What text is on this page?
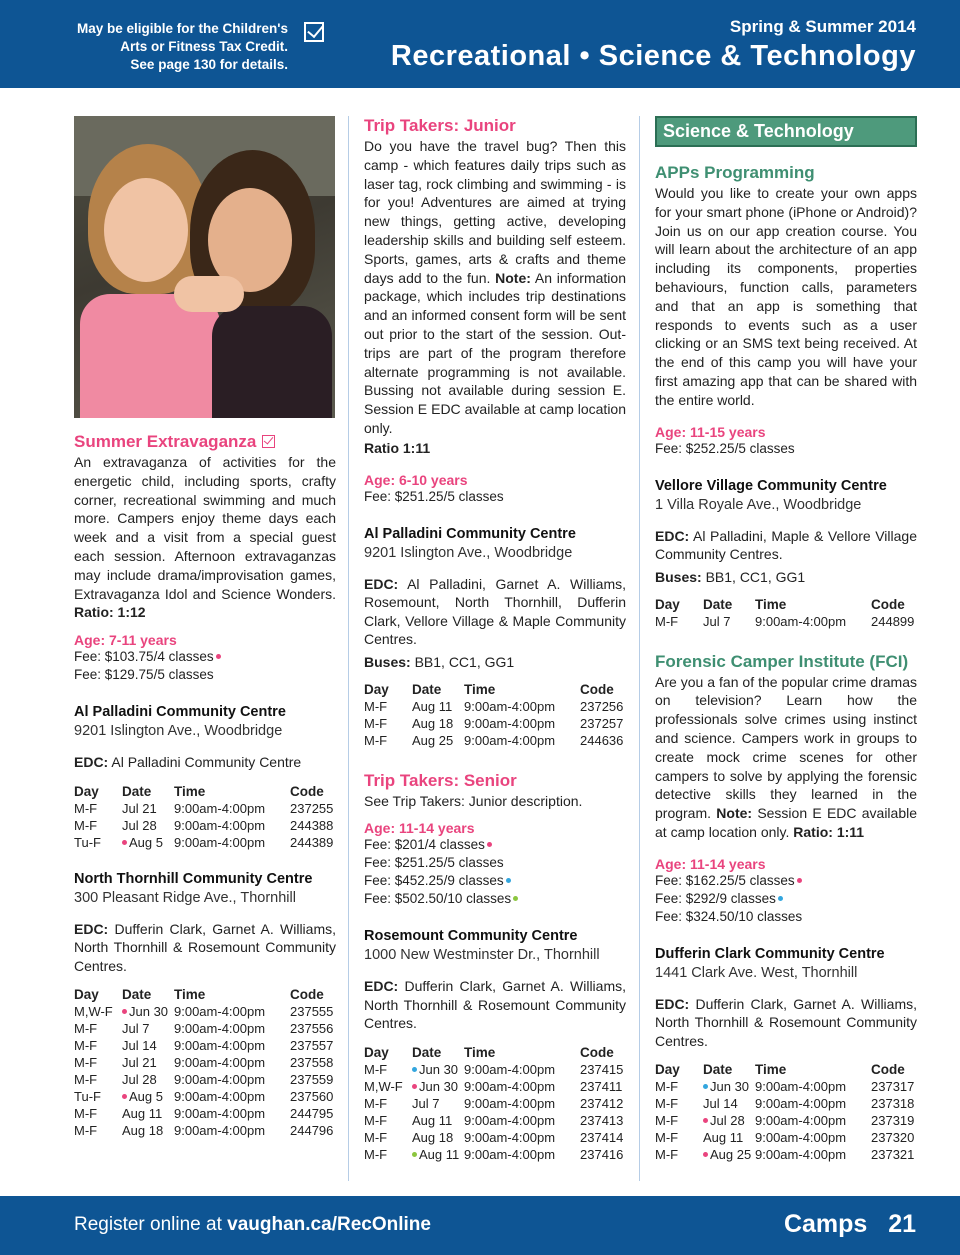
May be eligible for the Children's
Arts or Fitness Tax Credit.
See page 130 for details.
Spring & Summer 2014
Recreational • Science & Technology
Summer Extravaganza
An extravaganza of activities for the energetic child, including sports, crafty corner, recreational swimming and much more. Campers enjoy theme days each week and a visit from a special guest each session. Afternoon extravaganzas may include drama/improvisation games, Extravaganza Idol and Science Wonders. Ratio: 1:12
Age: 7-11 years
Fee: $103.75/4 classes
Fee: $129.75/5 classes
Al Palladini Community Centre
9201 Islington Ave., Woodbridge
EDC: Al Palladini Community Centre
Day	Date	Time	Code
M-F	Jul 21	9:00am-4:00pm	237255
M-F	Jul 28	9:00am-4:00pm	244388
Tu-F	Aug 5	9:00am-4:00pm	244389
North Thornhill Community Centre
300 Pleasant Ridge Ave., Thornhill
EDC: Dufferin Clark, Garnet A. Williams, North Thornhill & Rosemount Community Centres.
Day	Date	Time	Code
M,W-F	Jun 30	9:00am-4:00pm	237555
M-F	Jul 7	9:00am-4:00pm	237556
M-F	Jul 14	9:00am-4:00pm	237557
M-F	Jul 21	9:00am-4:00pm	237558
M-F	Jul 28	9:00am-4:00pm	237559
Tu-F	Aug 5	9:00am-4:00pm	237560
M-F	Aug 11	9:00am-4:00pm	244795
M-F	Aug 18	9:00am-4:00pm	244796
Trip Takers: Junior
Do you have the travel bug? Then this camp - which features daily trips such as laser tag, rock climbing and swimming - is for you! Adventures are aimed at trying new things, getting active, developing leadership skills and building self esteem. Sports, games, arts & crafts and theme days add to the fun. Note: An information package, which includes trip destinations and an informed consent form will be sent out prior to the start of the session. Out-trips are part of the program therefore alternate programming is not available. Bussing not available during session E. Session E EDC available at camp location only.
Ratio 1:11
Age: 6-10 years
Fee: $251.25/5 classes
Al Palladini Community Centre
9201 Islington Ave., Woodbridge
EDC: Al Palladini, Garnet A. Williams, Rosemount, North Thornhill, Dufferin Clark, Vellore Village & Maple Community Centres.
Buses: BB1, CC1, GG1
Day	Date	Time	Code
M-F	Aug 11	9:00am-4:00pm	237256
M-F	Aug 18	9:00am-4:00pm	237257
M-F	Aug 25	9:00am-4:00pm	244636
Trip Takers: Senior
See Trip Takers: Junior description.
Age: 11-14 years
Fee: $201/4 classes
Fee: $251.25/5 classes
Fee: $452.25/9 classes
Fee: $502.50/10 classes
Rosemount Community Centre
1000 New Westminster Dr., Thornhill
EDC: Dufferin Clark, Garnet A. Williams, North Thornhill & Rosemount Community Centres.
Day	Date	Time	Code
M-F	Jun 30	9:00am-4:00pm	237415
M,W-F	Jun 30	9:00am-4:00pm	237411
M-F	Jul 7	9:00am-4:00pm	237412
M-F	Aug 11	9:00am-4:00pm	237413
M-F	Aug 18	9:00am-4:00pm	237414
M-F	Aug 11	9:00am-4:00pm	237416
Science & Technology
APPs Programming
Would you like to create your own apps for your smart phone (iPhone or Android)? Join us on our app creation course. You will learn about the architecture of an app including its components, properties behaviours, function calls, parameters and that an app is something that responds to events such as a user clicking or an SMS text being received. At the end of this camp you will have your first amazing app that can be shared with the entire world.
Age: 11-15 years
Fee: $252.25/5 classes
Vellore Village Community Centre
1 Villa Royale Ave., Woodbridge
EDC: Al Palladini, Maple & Vellore Village Community Centres.
Buses: BB1, CC1, GG1
Day	Date	Time	Code
M-F	Jul 7	9:00am-4:00pm	244899
Forensic Camper Institute (FCI)
Are you a fan of the popular crime dramas on television? Learn how the professionals solve crimes using instinct and science. Campers work in groups to create mock crime scenes for other campers to solve by applying the forensic detective skills they learned in the program. Note: Session E EDC available at camp location only. Ratio: 1:11
Age: 11-14 years
Fee: $162.25/5 classes
Fee: $292/9 classes
Fee: $324.50/10 classes
Dufferin Clark Community Centre
1441 Clark Ave. West, Thornhill
EDC: Dufferin Clark, Garnet A. Williams, North Thornhill & Rosemount Community Centres.
Day	Date	Time	Code
M-F	Jun 30	9:00am-4:00pm	237317
M-F	Jul 14	9:00am-4:00pm	237318
M-F	Jul 28	9:00am-4:00pm	237319
M-F	Aug 11	9:00am-4:00pm	237320
M-F	Aug 25	9:00am-4:00pm	237321
Register online at vaughan.ca/RecOnline	Camps 21
